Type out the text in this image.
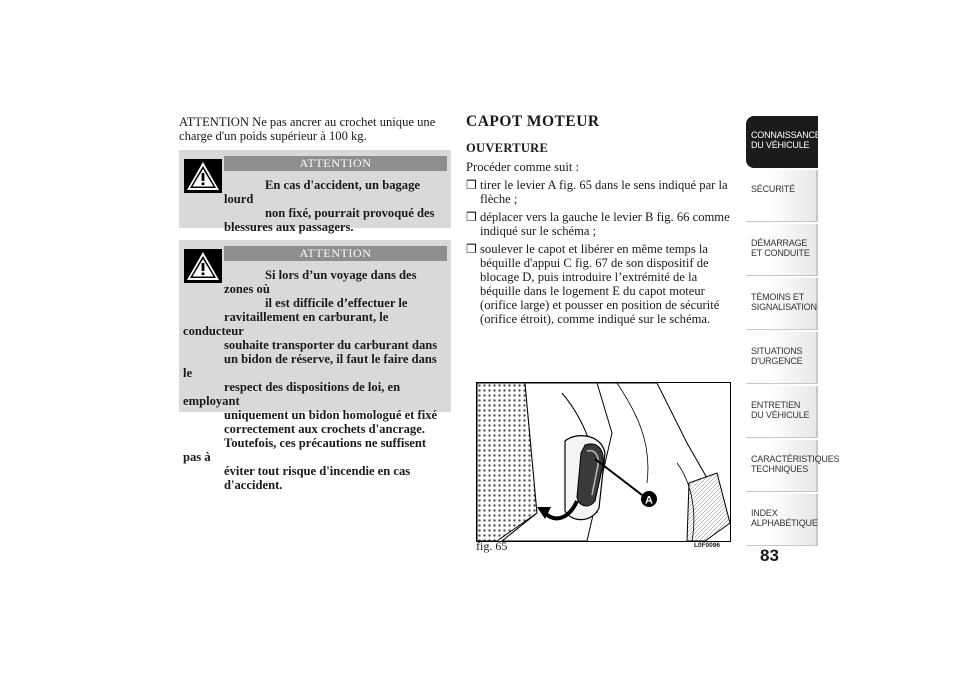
ATTENTION Ne pas ancrer au crochet unique une charge d'un poids supérieur à 100 kg.
ATTENTION
En cas d'accident, un bagage lourd
non fixé, pourrait provoqué des
blessures aux passagers.
ATTENTION
Si lors d’un voyage dans des zones où
il est difficile d’effectuer le
ravitaillement en carburant, le conducteur
souhaite transporter du carburant dans
un bidon de réserve, il faut le faire dans le
respect des dispositions de loi, en employant
uniquement un bidon homologué et fixé
correctement aux crochets d'ancrage.
Toutefois, ces précautions ne suffisent pas à
éviter tout risque d'incendie en cas
d'accident.
CAPOT MOTEUR
OUVERTURE
Procéder comme suit :
❒ tirer le levier A fig. 65 dans le sens indiqué par la flèche ;
❒ déplacer vers la gauche le levier B fig. 66 comme indiqué sur le schéma ;
❒ soulever le capot et libérer en même temps la béquille d'appui C fig. 67 de son dispositif de blocage D, puis introduire l’extrémité de la béquille dans le logement E du capot moteur (orifice large) et pousser en position de sécurité (orifice étroit), comme indiqué sur le schéma.
A
fig. 65	L0F0096
CONNAISSANCE DU VÉHICULE
SÉCURITÉ
DÉMARRAGE ET CONDUITE
TÉMOINS ET SIGNALISATION
SITUATIONS D'URGENCE
ENTRETIEN DU VÉHICULE
CARACTÉRISTIQUES TECHNIQUES
INDEX ALPHABÉTIQUE
83
